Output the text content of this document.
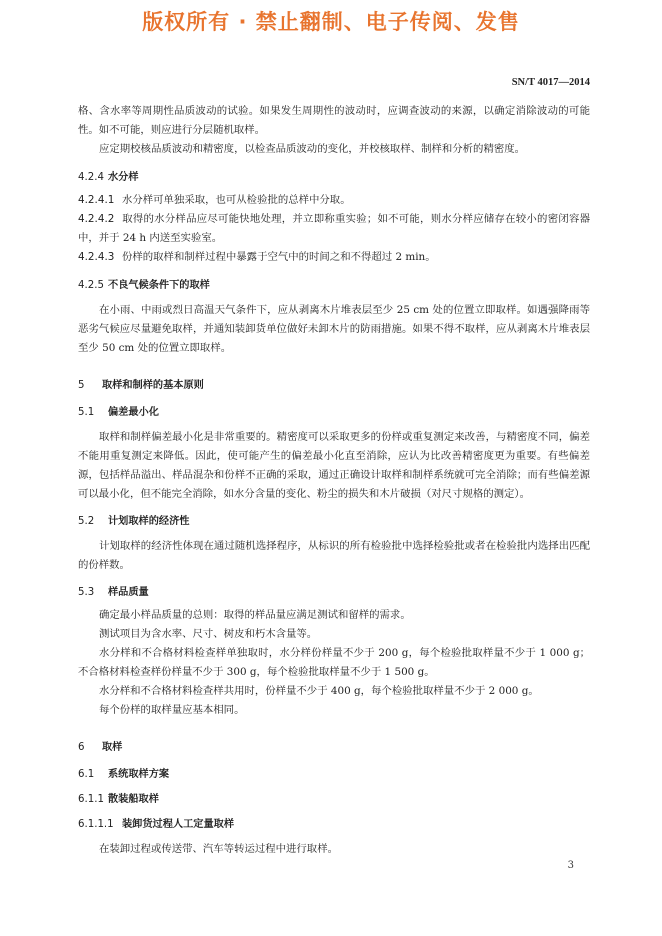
版权所有 · 禁止翻制、电子传阅、发售
SN/T 4017—2014

格、含水率等周期性品质波动的试验。如果发生周期性的波动时，应调查波动的来源，以确定消除波动的可能性。如不可能，则应进行分层随机取样。

应定期校核品质波动和精密度，以检查品质波动的变化，并校核取样、制样和分析的精密度。

4.2.4 水分样

4.2.4.1 水分样可单独采取，也可从检验批的总样中分取。

4.2.4.2 取得的水分样品应尽可能快地处理，并立即称重实验；如不可能，则水分样应储存在较小的密闭容器中，并于 24 h 内送至实验室。

4.2.4.3 份样的取样和制样过程中暴露于空气中的时间之和不得超过 2 min。

4.2.5 不良气候条件下的取样

在小雨、中雨或烈日高温天气条件下，应从剥离木片堆表层至少 25 cm 处的位置立即取样。如遇强降雨等恶劣气候应尽量避免取样，并通知装卸货单位做好未卸木片的防雨措施。如果不得不取样，应从剥离木片堆表层至少 50 cm 处的位置立即取样。

5 取样和制样的基本原则

5.1 偏差最小化

取样和制样偏差最小化是非常重要的。精密度可以采取更多的份样或重复测定来改善，与精密度不同，偏差不能用重复测定来降低。因此，使可能产生的偏差最小化直至消除，应认为比改善精密度更为重要。有些偏差源，包括样品溢出、样品混杂和份样不正确的采取，通过正确设计取样和制样系统就可完全消除；而有些偏差源可以最小化，但不能完全消除，如水分含量的变化、粉尘的损失和木片破损（对尺寸规格的测定）。

5.2 计划取样的经济性

计划取样的经济性体现在通过随机选择程序，从标识的所有检验批中选择检验批或者在检验批内选择出匹配的份样数。

5.3 样品质量

确定最小样品质量的总则：取得的样品量应满足测试和留样的需求。

测试项目为含水率、尺寸、树皮和朽木含量等。

水分样和不合格材料检查样单独取时，水分样份样量不少于 200 g，每个检验批取样量不少于 1 000 g；不合格材料检查样份样量不少于 300 g，每个检验批取样量不少于 1 500 g。

水分样和不合格材料检查样共用时，份样量不少于 400 g，每个检验批取样量不少于 2 000 g。

每个份样的取样量应基本相同。

6 取样

6.1 系统取样方案

6.1.1 散装船取样

6.1.1.1 装卸货过程人工定量取样

在装卸过程或传送带、汽车等转运过程中进行取样。

3
